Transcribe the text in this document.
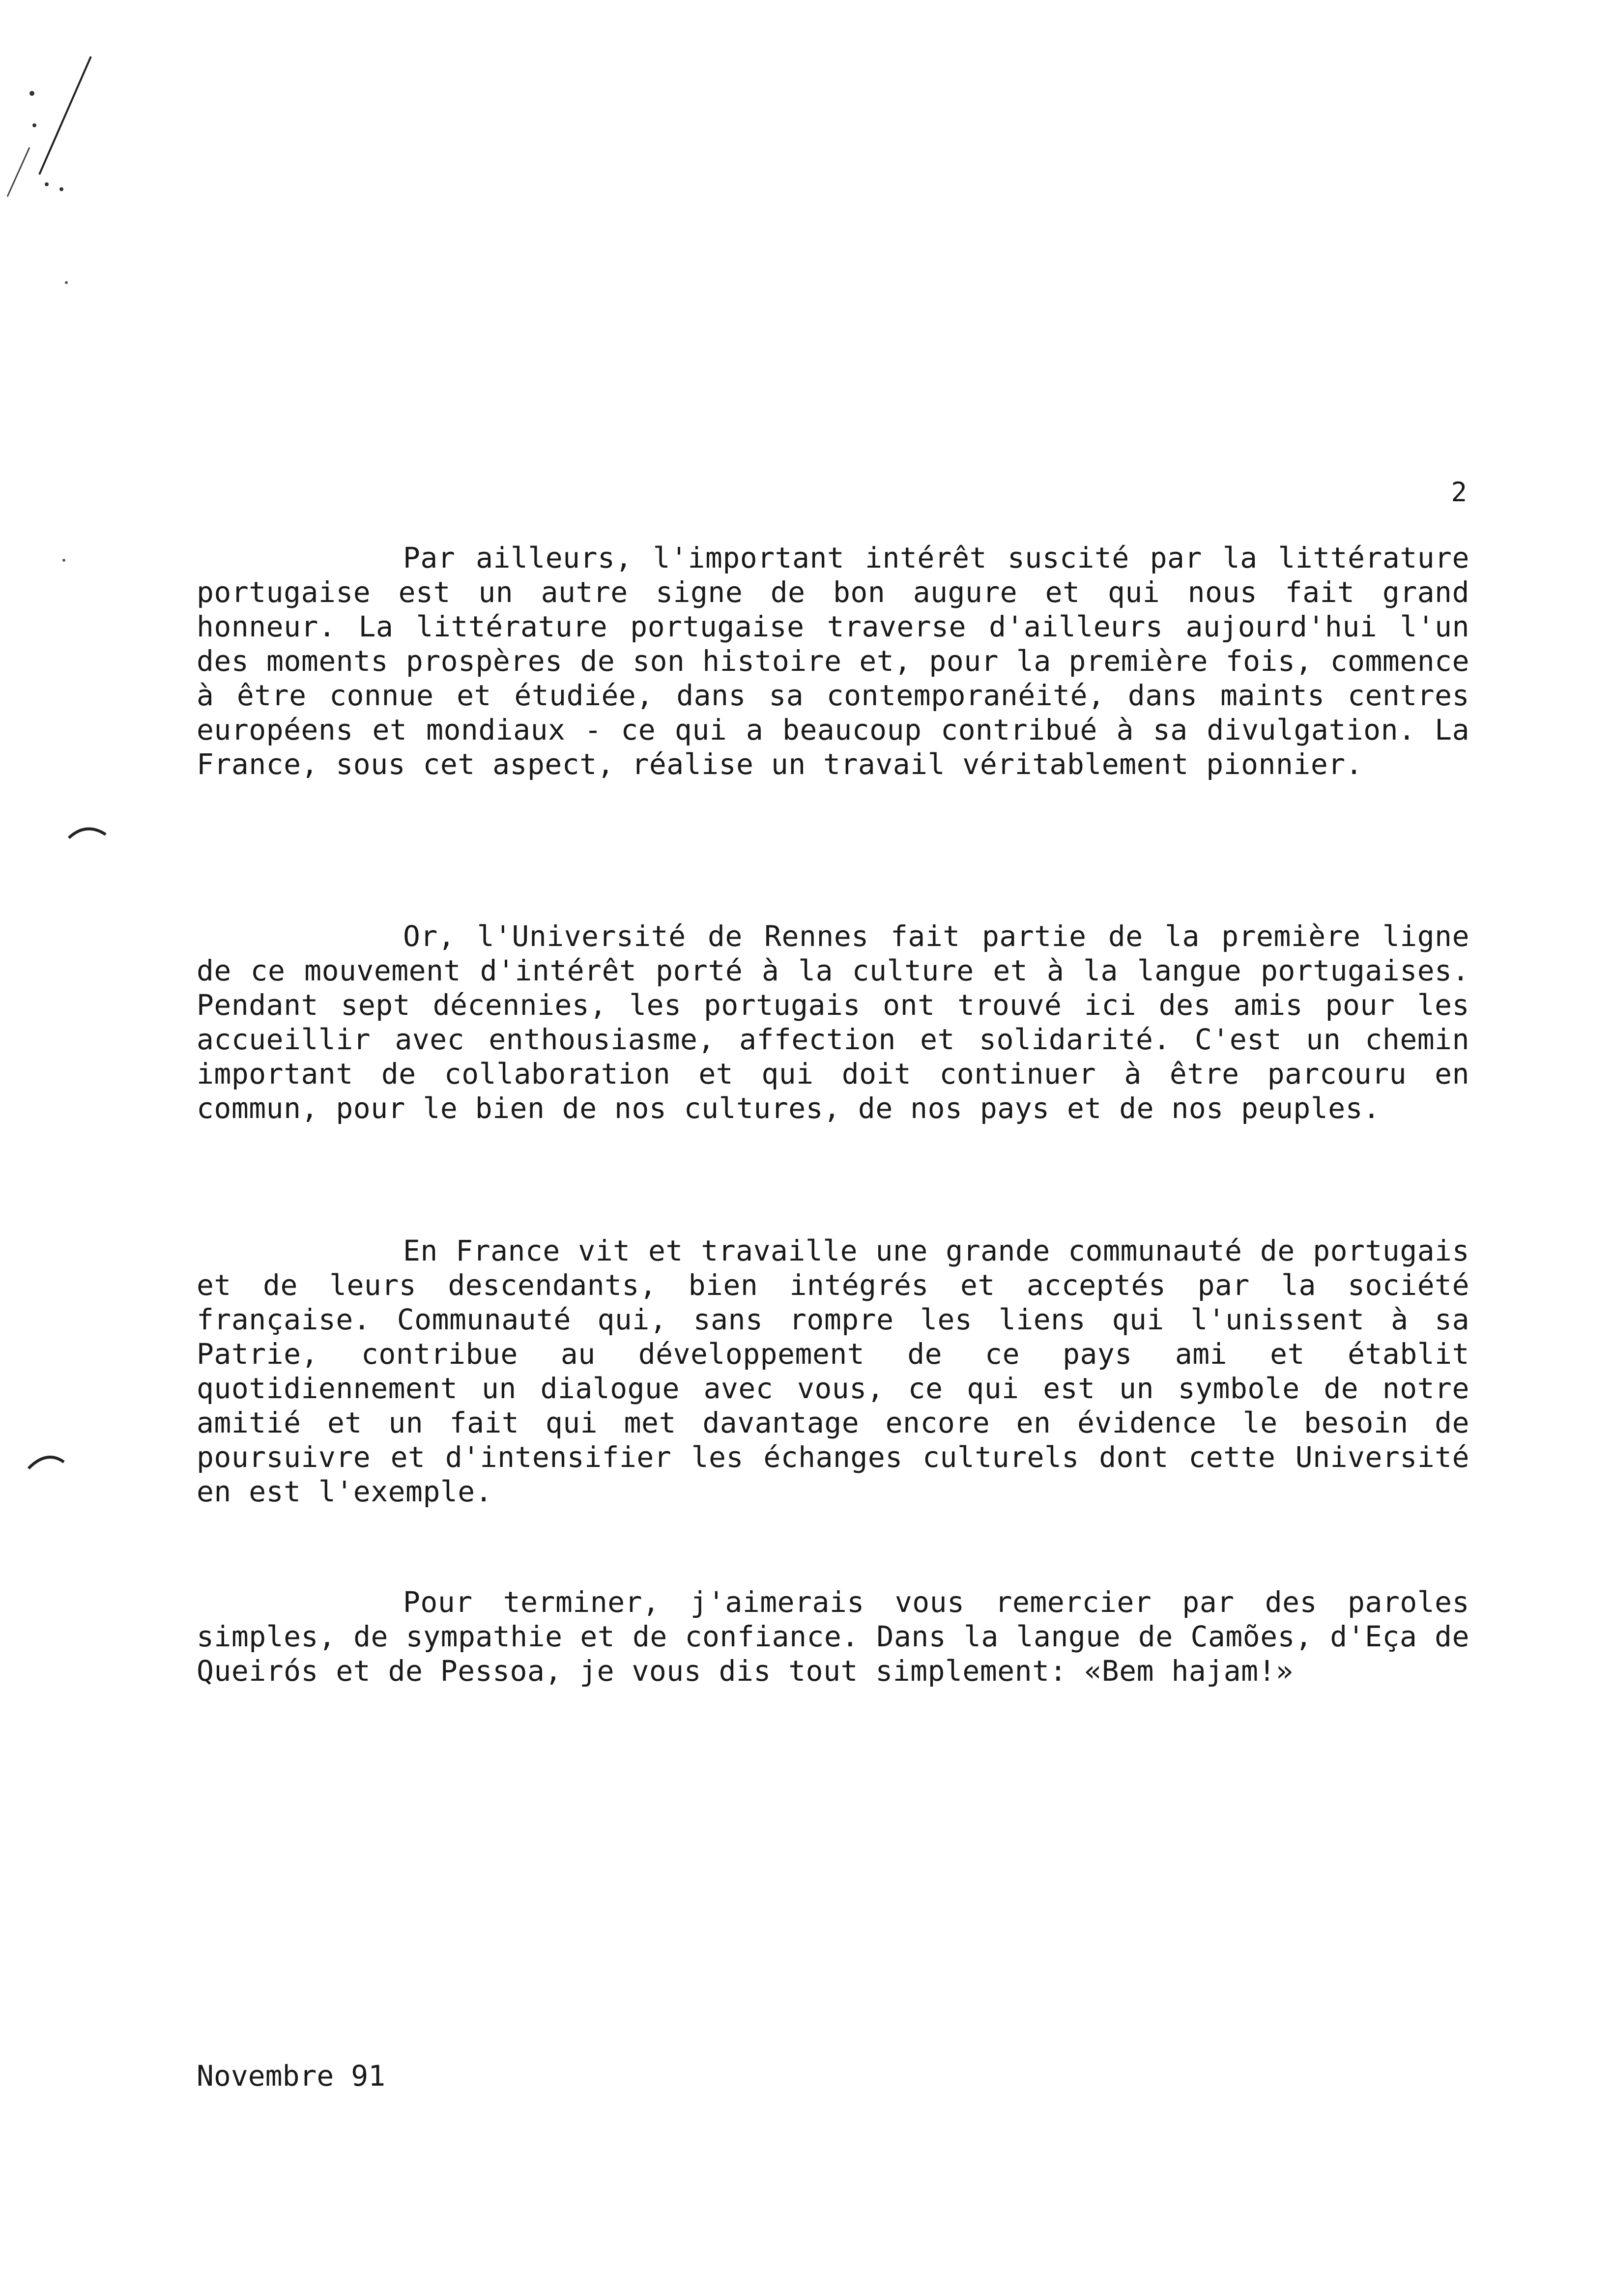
2

Par ailleurs, l'important intérêt suscité par la littérature portugaise est un autre signe de bon augure et qui nous fait grand honneur. La littérature portugaise traverse d'ailleurs aujourd'hui l'un des moments prospères de son histoire et, pour la première fois, commence à être connue et étudiée, dans sa contemporanéité, dans maints centres européens et mondiaux - ce qui a beaucoup contribué à sa divulgation. La France, sous cet aspect, réalise un travail véritablement pionnier.

Or, l'Université de Rennes fait partie de la première ligne de ce mouvement d'intérêt porté à la culture et à la langue portugaises. Pendant sept décennies, les portugais ont trouvé ici des amis pour les accueillir avec enthousiasme, affection et solidarité. C'est un chemin important de collaboration et qui doit continuer à être parcouru en commun, pour le bien de nos cultures, de nos pays et de nos peuples.

En France vit et travaille une grande communauté de portugais et de leurs descendants, bien intégrés et acceptés par la société française. Communauté qui, sans rompre les liens qui l'unissent à sa Patrie, contribue au développement de ce pays ami et établit quotidiennement un dialogue avec vous, ce qui est un symbole de notre amitié et un fait qui met davantage encore en évidence le besoin de poursuivre et d'intensifier les échanges culturels dont cette Université en est l'exemple.

Pour terminer, j'aimerais vous remercier par des paroles simples, de sympathie et de confiance. Dans la langue de Camões, d'Eça de Queirós et de Pessoa, je vous dis tout simplement: «Bem hajam!»

Novembre 91
